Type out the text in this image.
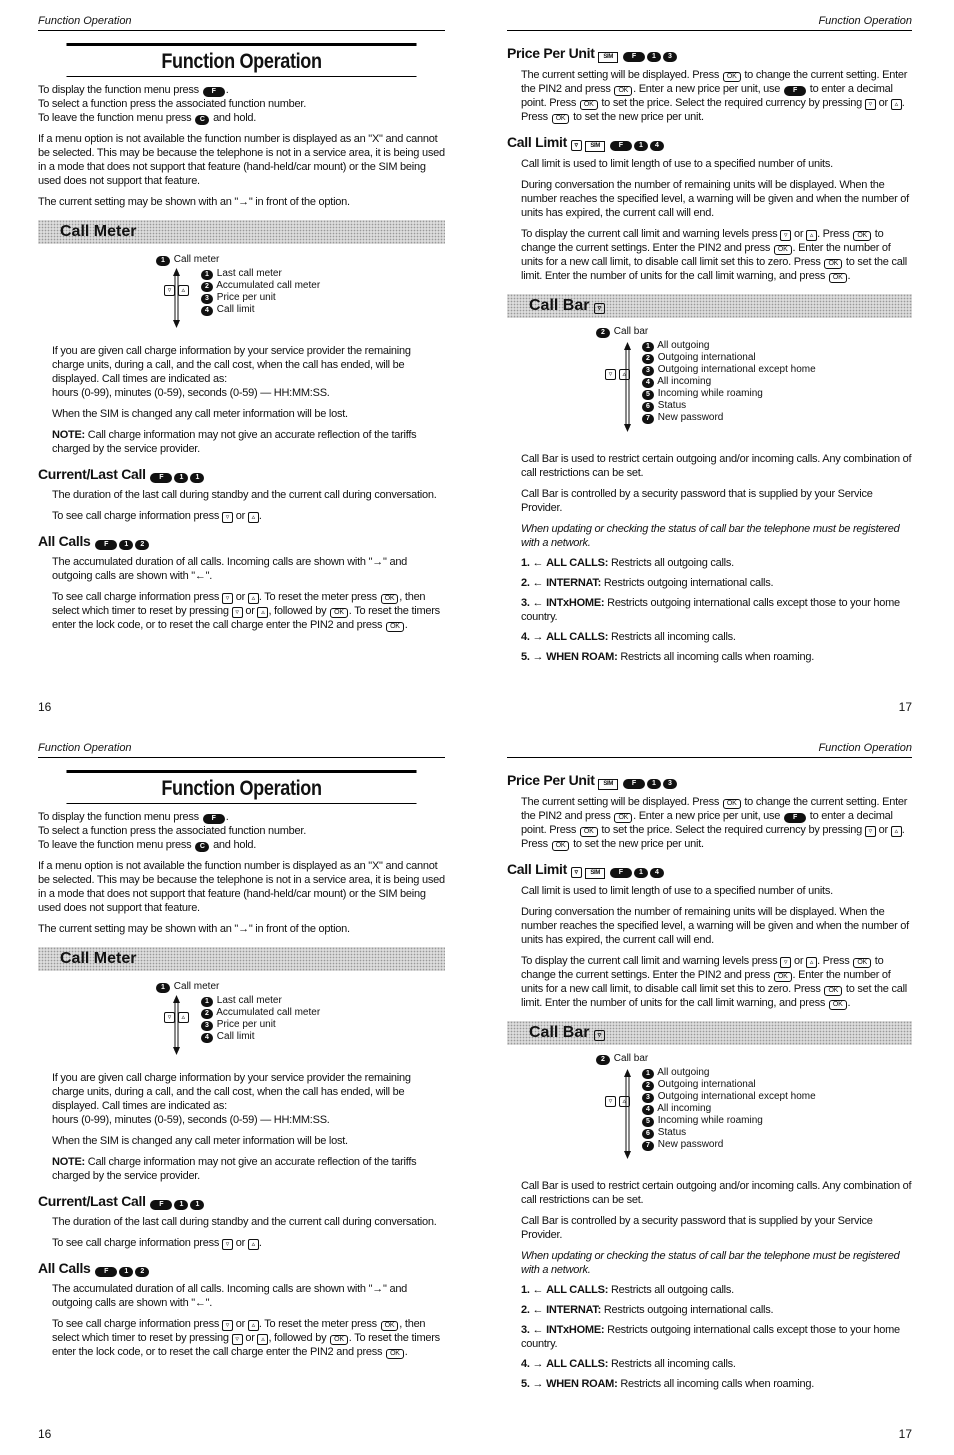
Function Operation
Function Operation

To display the function menu press F .

To select a function press the associated function number.

To leave the function menu press C and hold.

If a menu option is not available the function number is displayed as an "X" and cannot be selected. This may be because the telephone is not in a service area, it is being used in a mode that does not support that feature (hand-held/car mount) or the SIM being used does not support that feature.

The current setting may be shown with an "→" in front of the option.

Call Meter
1 Call meter
▿ ▵
1 Last call meter
2 Accumulated call meter
3 Price per unit
4 Call limit

If you are given call charge information by your service provider the remaining charge units, during a call, and the call cost, when the call has ended, will be displayed. Call times are indicated as:

hours (0-99), minutes (0-59), seconds (0-59) — HH:MM:SS.

When the SIM is changed any call meter information will be lost.

NOTE: Call charge information may not give an accurate reflection of the tariffs charged by the service provider.

Current/Last Call F 1 1

The duration of the last call during standby and the current call during conversation.

To see call charge information press ▿ or ▵ .

All Calls F 1 2

The accumulated duration of all calls. Incoming calls are shown with "→" and outgoing calls are shown with "←".

To see call charge information press ▿ or ▵ . To reset the meter press OK , then select which timer to reset by pressing ▿ or ▵ , followed by OK . To reset the timers enter the lock code, or to reset the call charge enter the PIN2 and press OK .

Function Operation
Price Per Unit SIM	F 1 3

The current setting will be displayed. Press OK to change the current setting. Enter the PIN2 and press OK . Enter a new price per unit, use F to enter a decimal point. Press OK to set the price. Select the required currency by pressing ▿ or ▵ . Press OK to set the new price per unit.

Call Limit ▿ SIM	F 1 4

Call limit is used to limit length of use to a specified number of units.

During conversation the number of remaining units will be displayed. When the number reaches the specified level, a warning will be given and when the number of units has expired, the current call will end.

To display the current call limit and warning levels press ▿ or ▵ . Press OK to change the current settings. Enter the PIN2 and press OK . Enter the number of units for a new call limit, to disable call limit set this to zero. Press OK to set the call limit. Enter the number of units for the call limit warning, and press OK .

Call Bar ▿
2 Call bar
▿ ▵
1 All outgoing
2 Outgoing international
3 Outgoing international except home
4 All incoming
5 Incoming while roaming
6 Status
7 New password

Call Bar is used to restrict certain outgoing and/or incoming calls. Any combination of call restrictions can be set.

Call Bar is controlled by a security password that is supplied by your Service Provider.

When updating or checking the status of call bar the telephone must be registered with a network.

1. ← ALL CALLS: Restricts all outgoing calls.

2. ← INTERNAT: Restricts outgoing international calls.

3. ← INTxHOME: Restricts outgoing international calls except those to your home country.

4. → ALL CALLS: Restricts all incoming calls.

5. → WHEN ROAM: Restricts all incoming calls when roaming.

16	17
Function Operation
Function Operation

To display the function menu press F .

To select a function press the associated function number.

To leave the function menu press C and hold.

If a menu option is not available the function number is displayed as an "X" and cannot be selected. This may be because the telephone is not in a service area, it is being used in a mode that does not support that feature (hand-held/car mount) or the SIM being used does not support that feature.

The current setting may be shown with an "→" in front of the option.

Call Meter
1 Call meter
▿ ▵
1 Last call meter
2 Accumulated call meter
3 Price per unit
4 Call limit

If you are given call charge information by your service provider the remaining charge units, during a call, and the call cost, when the call has ended, will be displayed. Call times are indicated as:

hours (0-99), minutes (0-59), seconds (0-59) — HH:MM:SS.

When the SIM is changed any call meter information will be lost.

NOTE: Call charge information may not give an accurate reflection of the tariffs charged by the service provider.

Current/Last Call F 1 1

The duration of the last call during standby and the current call during conversation.

To see call charge information press ▿ or ▵ .

All Calls F 1 2

The accumulated duration of all calls. Incoming calls are shown with "→" and outgoing calls are shown with "←".

To see call charge information press ▿ or ▵ . To reset the meter press OK , then select which timer to reset by pressing ▿ or ▵ , followed by OK . To reset the timers enter the lock code, or to reset the call charge enter the PIN2 and press OK .

Function Operation
Price Per Unit SIM	F 1 3

The current setting will be displayed. Press OK to change the current setting. Enter the PIN2 and press OK . Enter a new price per unit, use F to enter a decimal point. Press OK to set the price. Select the required currency by pressing ▿ or ▵ . Press OK to set the new price per unit.

Call Limit ▿ SIM	F 1 4

Call limit is used to limit length of use to a specified number of units.

During conversation the number of remaining units will be displayed. When the number reaches the specified level, a warning will be given and when the number of units has expired, the current call will end.

To display the current call limit and warning levels press ▿ or ▵ . Press OK to change the current settings. Enter the PIN2 and press OK . Enter the number of units for a new call limit, to disable call limit set this to zero. Press OK to set the call limit. Enter the number of units for the call limit warning, and press OK .

Call Bar ▿
2 Call bar
▿ ▵
1 All outgoing
2 Outgoing international
3 Outgoing international except home
4 All incoming
5 Incoming while roaming
6 Status
7 New password

Call Bar is used to restrict certain outgoing and/or incoming calls. Any combination of call restrictions can be set.

Call Bar is controlled by a security password that is supplied by your Service Provider.

When updating or checking the status of call bar the telephone must be registered with a network.

1. ← ALL CALLS: Restricts all outgoing calls.

2. ← INTERNAT: Restricts outgoing international calls.

3. ← INTxHOME: Restricts outgoing international calls except those to your home country.

4. → ALL CALLS: Restricts all incoming calls.

5. → WHEN ROAM: Restricts all incoming calls when roaming.

16	17
